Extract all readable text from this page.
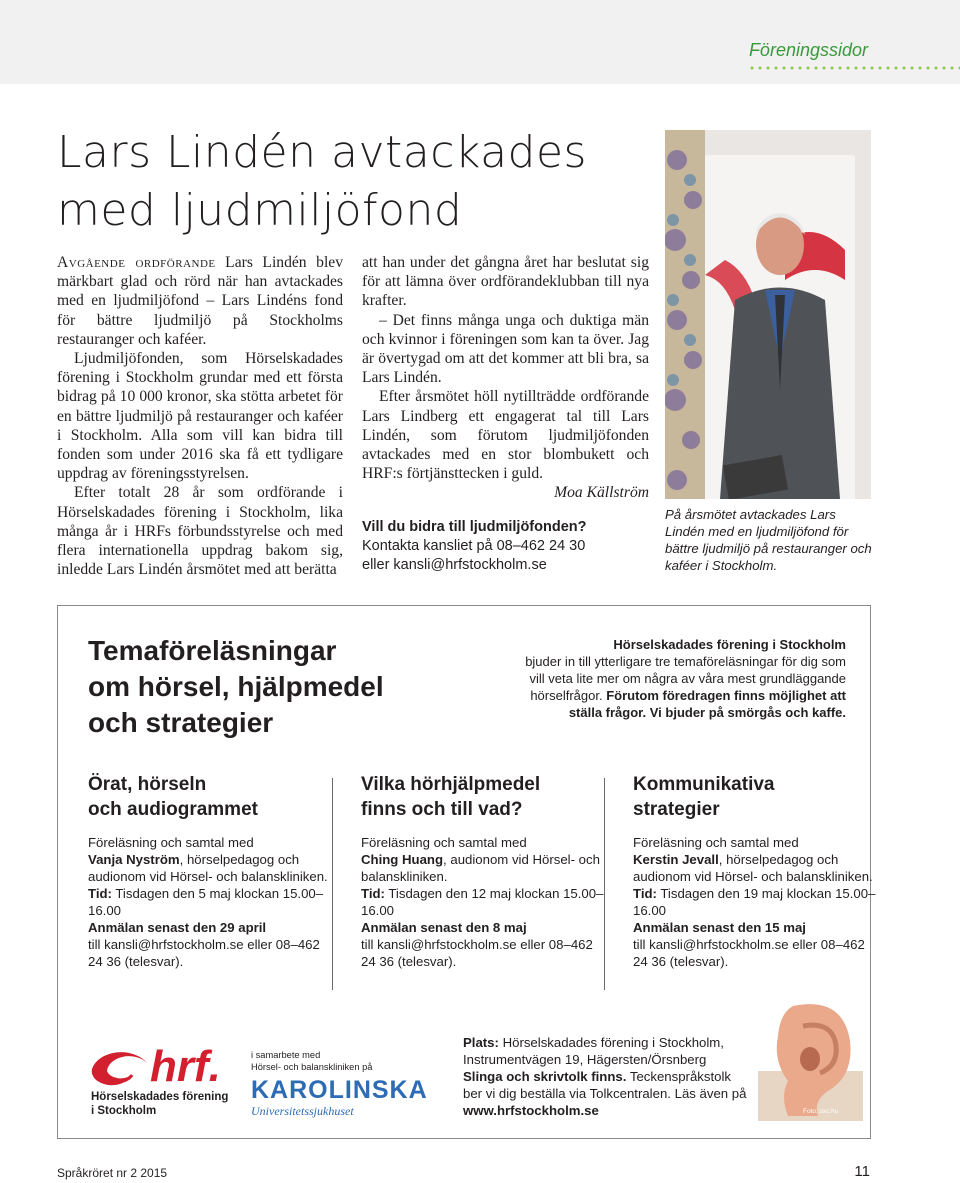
Föreningssidor
Lars Lindén avtackades
med ljudmiljöfond

Avgående ordförande Lars Lindén blev märkbart glad och rörd när han avtackades med en ljudmiljöfond – Lars Lindéns fond för bättre ljudmiljö på Stockholms restauranger och kaféer.

Ljudmiljöfonden, som Hörselskadades förening i Stockholm grundar med ett första bidrag på 10 000 kronor, ska stötta arbetet för en bättre ljudmiljö på restauranger och kaféer i Stockholm. Alla som vill kan bidra till fonden som under 2016 ska få ett tydligare uppdrag av föreningsstyrelsen.

Efter totalt 28 år som ordförande i Hörselskadades förening i Stockholm, lika många år i HRFs förbundsstyrelse och med flera internationella uppdrag bakom sig, inledde Lars Lindén årsmötet med att berätta

att han under det gångna året har beslutat sig för att lämna över ordförandeklubban till nya krafter.

– Det finns många unga och duktiga män och kvinnor i föreningen som kan ta över. Jag är övertygad om att det kommer att bli bra, sa Lars Lindén.

Efter årsmötet höll nytillträdde ordförande Lars Lindberg ett engagerat tal till Lars Lindén, som förutom ljudmiljöfonden avtackades med en stor blombukett och HRF:s förtjänsttecken i guld.

Moa Källström

Vill du bidra till ljudmiljöfonden?
Kontakta kansliet på 08–462 24 30
eller kansli@hrfstockholm.se
På årsmötet avtackades Lars Lindén med en ljudmiljöfond för bättre ljudmiljö på restauranger och kaféer i Stockholm.
Temaföreläsningar
om hörsel, hjälpmedel
och strategier
Hörselskadades förening i Stockholm
bjuder in till ytterligare tre temaföreläsningar för dig som vill veta lite mer om några av våra mest grundläggande hörselfrågor. Förutom föredragen finns möjlighet att ställa frågor. Vi bjuder på smörgås och kaffe.
Örat, hörseln
och audiogrammet

Föreläsning och samtal med
Vanja Nyström, hörselpedagog och audionom vid Hörsel- och balanskliniken.
Tid: Tisdagen den 5 maj klockan 15.00–16.00
Anmälan senast den 29 april
till kansli@hrfstockholm.se eller 08–462 24 36 (telesvar).

Vilka hörhjälpmedel
finns och till vad?

Föreläsning och samtal med
Ching Huang, audionom vid Hörsel- och balanskliniken.
Tid: Tisdagen den 12 maj klockan 15.00–16.00
Anmälan senast den 8 maj
till kansli@hrfstockholm.se eller 08–462 24 36 (telesvar).

Kommunikativa
strategier

Föreläsning och samtal med
Kerstin Jevall, hörselpedagog och audionom vid Hörsel- och balanskliniken.
Tid: Tisdagen den 19 maj klockan 15.00–16.00
Anmälan senast den 15 maj
till kansli@hrfstockholm.se eller 08–462 24 36 (telesvar).

hrf.
Hörselskadades förening
i Stockholm
i samarbete med
Hörsel- och balanskliniken på
KAROLINSKA
Universitetssjukhuset
Plats: Hörselskadades förening i Stockholm, Instrumentvägen 19, Hägersten/Örsnberg
Slinga och skrivtolk finns. Teckenspråkstolk ber vi dig beställa via Tolkcentralen. Läs även på www.hrfstockholm.se	Foto: sxc.hu
Språkröret nr 2 2015	11
